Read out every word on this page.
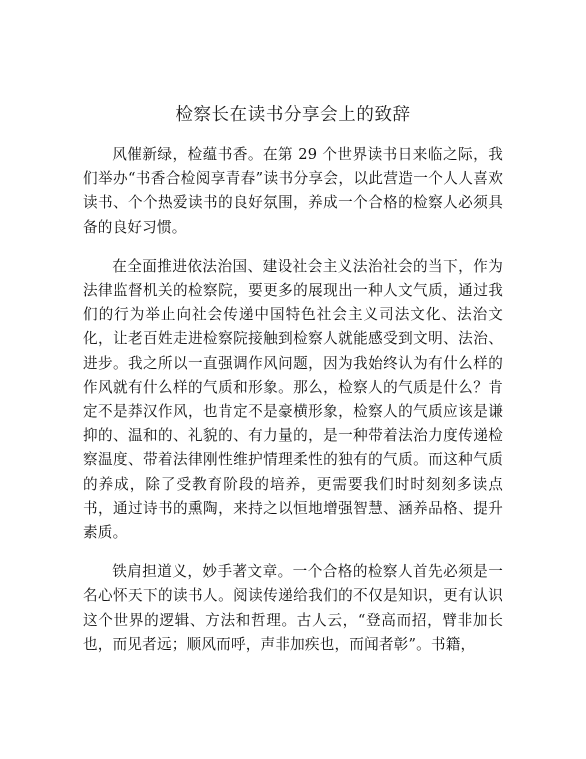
检察长在读书分享会上的致辞

风催新绿，检蕴书香。在第 29 个世界读书日来临之际，我们举办“书香合检阅享青春”读书分享会，以此营造一个人人喜欢读书、个个热爱读书的良好氛围，养成一个合格的检察人必须具备的良好习惯。

在全面推进依法治国、建设社会主义法治社会的当下，作为法律监督机关的检察院，要更多的展现出一种人文气质，通过我们的行为举止向社会传递中国特色社会主义司法文化、法治文化，让老百姓走进检察院接触到检察人就能感受到文明、法治、进步。我之所以一直强调作风问题，因为我始终认为有什么样的作风就有什么样的气质和形象。那么，检察人的气质是什么？肯定不是莽汉作风，也肯定不是豪横形象，检察人的气质应该是谦抑的、温和的、礼貌的、有力量的，是一种带着法治力度传递检察温度、带着法律刚性维护情理柔性的独有的气质。而这种气质的养成，除了受教育阶段的培养，更需要我们时时刻刻多读点书，通过诗书的熏陶，来持之以恒地增强智慧、涵养品格、提升素质。

铁肩担道义，妙手著文章。一个合格的检察人首先必须是一名心怀天下的读书人。阅读传递给我们的不仅是知识，更有认识这个世界的逻辑、方法和哲理。古人云，“登高而招，臂非加长也，而见者远；顺风而呼，声非加疾也，而闻者彰”。书籍，
